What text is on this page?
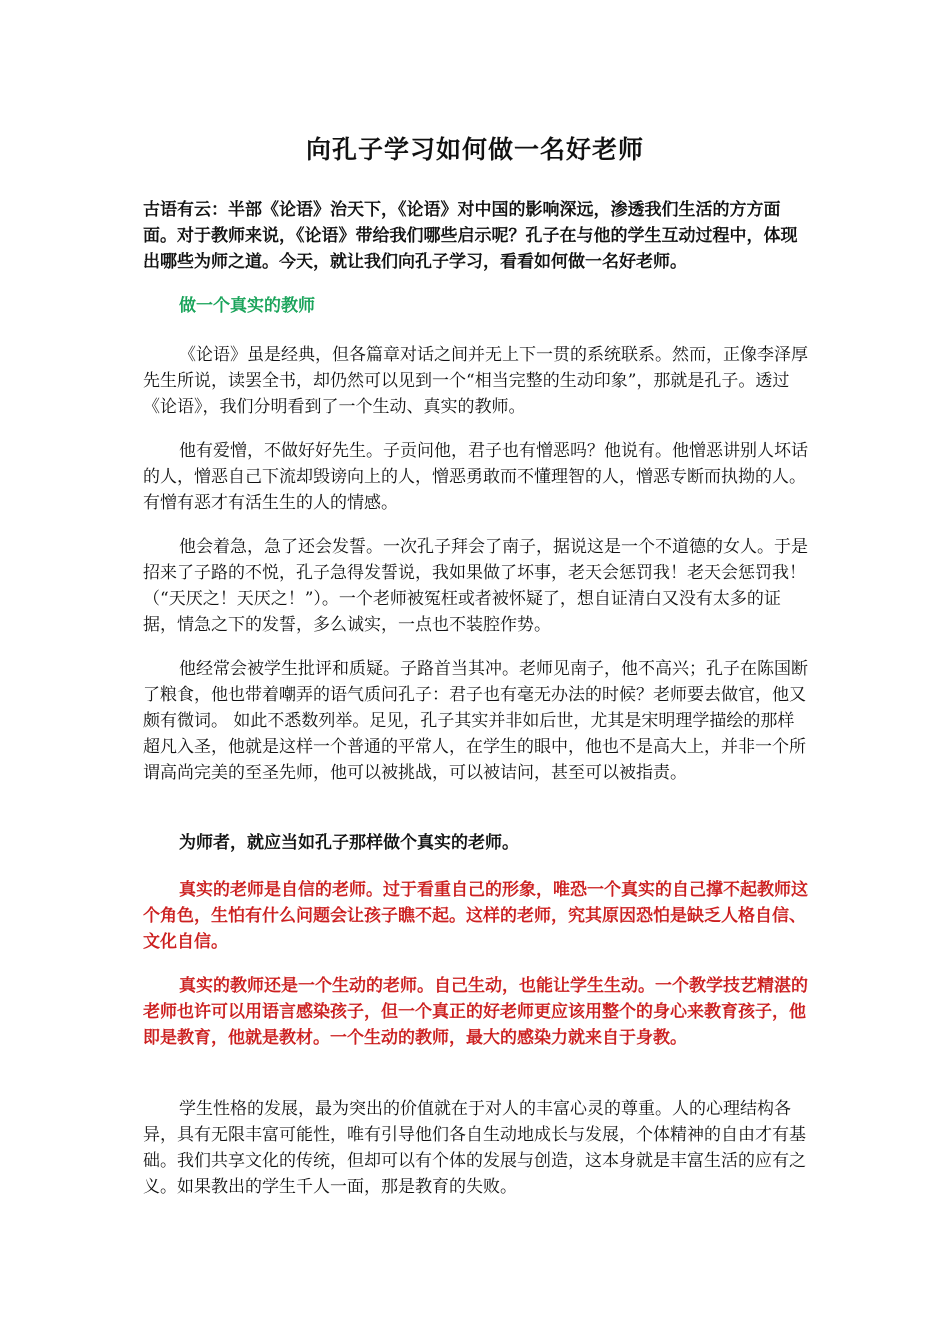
向孔子学习如何做一名好老师

古语有云：半部《论语》治天下，《论语》对中国的影响深远，渗透我们生活的方方面面。对于教师来说，《论语》带给我们哪些启示呢？孔子在与他的学生互动过程中，体现出哪些为师之道。今天，就让我们向孔子学习，看看如何做一名好老师。

做一个真实的教师

《论语》虽是经典，但各篇章对话之间并无上下一贯的系统联系。然而，正像李泽厚先生所说，读罢全书，却仍然可以见到一个“相当完整的生动印象”，那就是孔子。透过《论语》，我们分明看到了一个生动、真实的教师。

他有爱憎，不做好好先生。子贡问他，君子也有憎恶吗？他说有。他憎恶讲别人坏话的人，憎恶自己下流却毁谤向上的人，憎恶勇敢而不懂理智的人，憎恶专断而执拗的人。有憎有恶才有活生生的人的情感。

他会着急，急了还会发誓。一次孔子拜会了南子，据说这是一个不道德的女人。于是招来了子路的不悦，孔子急得发誓说，我如果做了坏事，老天会惩罚我！老天会惩罚我！（“天厌之！天厌之！”）。一个老师被冤枉或者被怀疑了，想自证清白又没有太多的证据，情急之下的发誓，多么诚实，一点也不装腔作势。

他经常会被学生批评和质疑。子路首当其冲。老师见南子，他不高兴；孔子在陈国断了粮食，他也带着嘲弄的语气质问孔子：君子也有毫无办法的时候？老师要去做官，他又颇有微词。 如此不悉数列举。足见，孔子其实并非如后世，尤其是宋明理学描绘的那样超凡入圣，他就是这样一个普通的平常人，在学生的眼中，他也不是高大上，并非一个所谓高尚完美的至圣先师，他可以被挑战，可以被诘问，甚至可以被指责。

为师者，就应当如孔子那样做个真实的老师。

真实的老师是自信的老师。过于看重自己的形象，唯恐一个真实的自己撑不起教师这个角色，生怕有什么问题会让孩子瞧不起。这样的老师，究其原因恐怕是缺乏人格自信、文化自信。

真实的教师还是一个生动的老师。自己生动，也能让学生生动。一个教学技艺精湛的老师也许可以用语言感染孩子，但一个真正的好老师更应该用整个的身心来教育孩子，他即是教育，他就是教材。一个生动的教师，最大的感染力就来自于身教。

学生性格的发展，最为突出的价值就在于对人的丰富心灵的尊重。人的心理结构各异，具有无限丰富可能性，唯有引导他们各自生动地成长与发展，个体精神的自由才有基础。我们共享文化的传统，但却可以有个体的发展与创造，这本身就是丰富生活的应有之义。如果教出的学生千人一面，那是教育的失败。
